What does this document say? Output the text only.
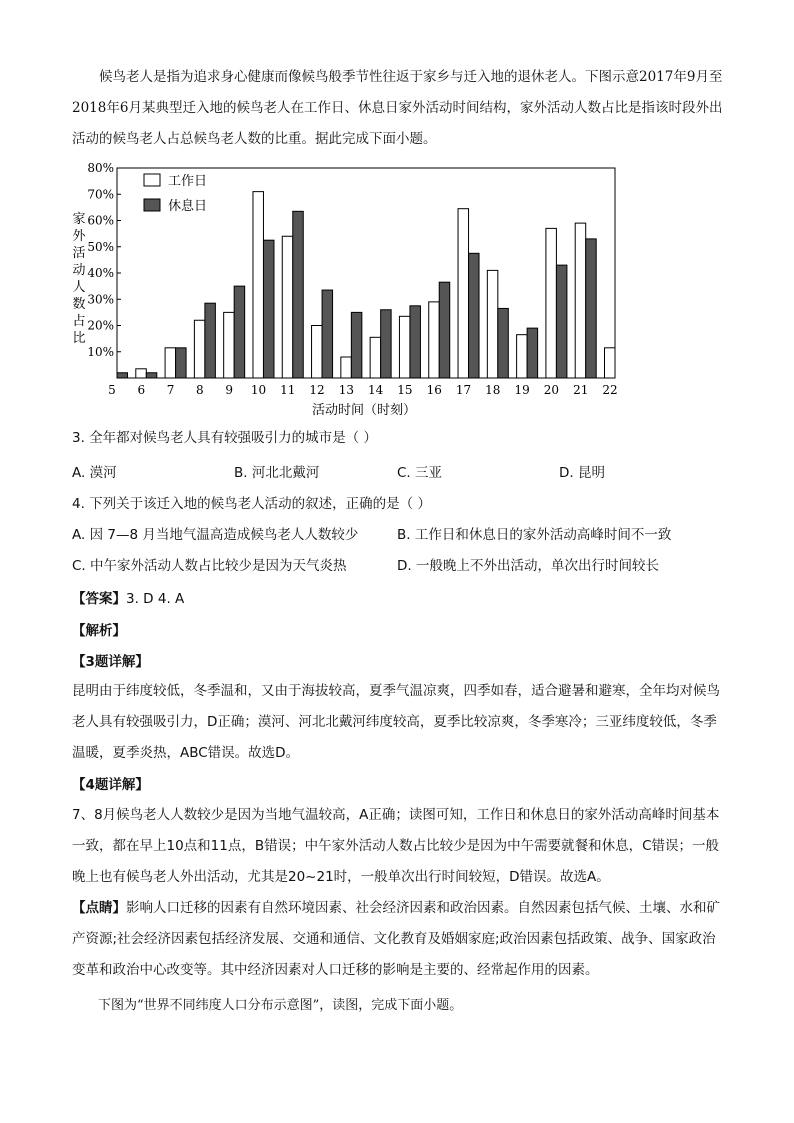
候鸟老人是指为追求身心健康而像候鸟般季节性往返于家乡与迁入地的退休老人。下图示意2017年9月至2018年6月某典型迁入地的候鸟老人在工作日、休息日家外活动时间结构，家外活动人数占比是指该时段外出活动的候鸟老人占总候鸟老人数的比重。据此完成下面小题。

10%
20%
30%
40%
50%
60%
70%
80%
5 6 7 8 9 10 11 12 13 14 15 16 17 18 19 20 21 22
工作日
休息日
家
外
活
动
人
数
占
比
活动时间（时刻）
3. 全年都对候鸟老人具有较强吸引力的城市是（ ）
A. 漠河	B. 河北北戴河	C. 三亚	D. 昆明
4. 下列关于该迁入地的候鸟老人活动的叙述，正确的是（ ）
A. 因 7—8 月当地气温高造成候鸟老人人数较少	B. 工作日和休息日的家外活动高峰时间不一致
C. 中午家外活动人数占比较少是因为天气炎热	D. 一般晚上不外出活动，单次出行时间较长
【答案】3. D 4. A
【解析】
【3题详解】
昆明由于纬度较低，冬季温和，又由于海拔较高，夏季气温凉爽，四季如春，适合避暑和避寒，全年均对候鸟老人具有较强吸引力，D正确；漠河、河北北戴河纬度较高，夏季比较凉爽，冬季寒冷；三亚纬度较低，冬季温暖，夏季炎热，ABC错误。故选D。
【4题详解】
7、8月候鸟老人人数较少是因为当地气温较高，A正确；读图可知，工作日和休息日的家外活动高峰时间基本一致，都在早上10点和11点，B错误；中午家外活动人数占比较少是因为中午需要就餐和休息，C错误；一般晚上也有候鸟老人外出活动，尤其是20~21时，一般单次出行时间较短，D错误。故选A。
【点睛】影响人口迁移的因素有自然环境因素、社会经济因素和政治因素。自然因素包括气候、土壤、水和矿产资源;社会经济因素包括经济发展、交通和通信、文化教育及婚姻家庭;政治因素包括政策、战争、国家政治变革和政治中心改变等。其中经济因素对人口迁移的影响是主要的、经常起作用的因素。
下图为“世界不同纬度人口分布示意图”，读图，完成下面小题。
